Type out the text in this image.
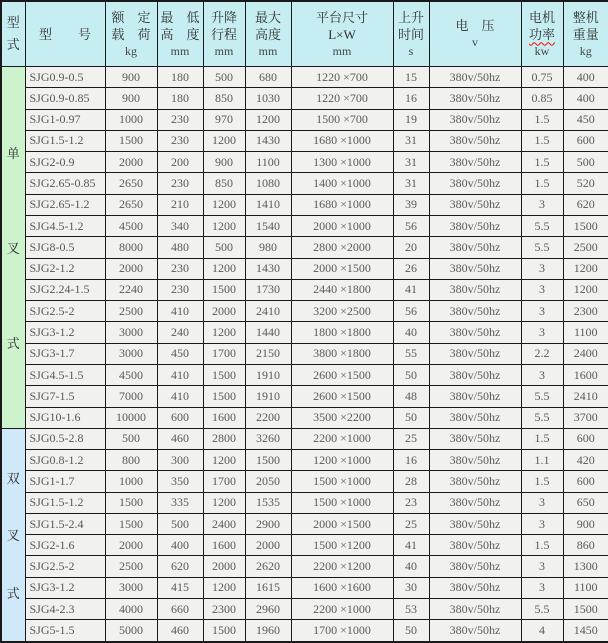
型
式	型　　号	额　定
载　荷
kg	最　低
高　度
mm	升降
行程
mm	最大
高度
mm	平台尺寸
L×W
mm	上升
时间
s	电　压
v	电机
功率
kw	整机
重量
kg

单
叉
式	SJG0.9-0.5	900	180	500	680	1220 ×700	15	380v/50hz	0.75	400
	SJG0.9-0.85	900	180	850	1030	1220 ×700	16	380v/50hz	0.85	400
	SJG1-0.97	1000	230	970	1200	1500 ×700	19	380v/50hz	1.5	450
	SJG1.5-1.2	1500	230	1200	1430	1680 ×1000	31	380v/50hz	1.5	600
	SJG2-0.9	2000	200	900	1100	1300 ×1000	31	380v/50hz	1.5	500
	SJG2.65-0.85	2650	230	850	1080	1400 ×1000	31	380v/50hz	1.5	520
	SJG2.65-1.2	2650	210	1200	1410	1680 ×1000	39	380v/50hz	3	620
	SJG4.5-1.2	4500	340	1200	1540	2000 ×1000	56	380v/50hz	5.5	1500
	SJG8-0.5	8000	480	500	980	2800 ×2000	20	380v/50hz	5.5	2500
	SJG2-1.2	2000	230	1200	1430	2000 ×1500	26	380v/50hz	3	1200
	SJG2.24-1.5	2240	230	1500	1730	2440 ×1800	41	380v/50hz	3	1200
	SJG2.5-2	2500	410	2000	2410	3200 ×2500	56	380v/50hz	3	2300
	SJG3-1.2	3000	240	1200	1440	1800 ×1800	40	380v/50hz	3	1100
	SJG3-1.7	3000	450	1700	2150	3800 ×1800	55	380v/50hz	2.2	2400
	SJG4.5-1.5	4500	410	1500	1910	2600 ×1500	50	380v/50hz	3	1600
	SJG7-1.5	7000	410	1500	1910	2600 ×1500	48	380v/50hz	5.5	2410
	SJG10-1.6	10000	600	1600	2200	3500 ×2200	50	380v/50hz	5.5	3700

双
叉
式	SJG0.5-2.8	500	460	2800	3260	2200 ×1000	25	380v/50hz	1.5	600
	SJG0.8-1.2	800	300	1200	1500	1200 ×1000	16	380v/50hz	1.1	420
	SJG1-1.7	1000	350	1700	2050	1500 ×1000	28	380v/50hz	1.5	600
	SJG1.5-1.2	1500	335	1200	1535	1500 ×1000	23	380v/50hz	3	650
	SJG1.5-2.4	1500	500	2400	2900	2000 ×1500	25	380v/50hz	3	900
	SJG2-1.6	2000	400	1600	2000	1500 ×1200	41	380v/50hz	1.5	860
	SJG2.5-2	2500	620	2000	2620	2200 ×1200	40	380v/50hz	3	1300
	SJG3-1.2	3000	415	1200	1615	1600 ×1600	30	380v/50hz	3	1100
	SJG4-2.3	4000	660	2300	2960	2200 ×1000	53	380v/50hz	5.5	1500
	SJG5-1.5	5000	460	1500	1960	1700 ×1000	50	380v/50hz	4	1450
